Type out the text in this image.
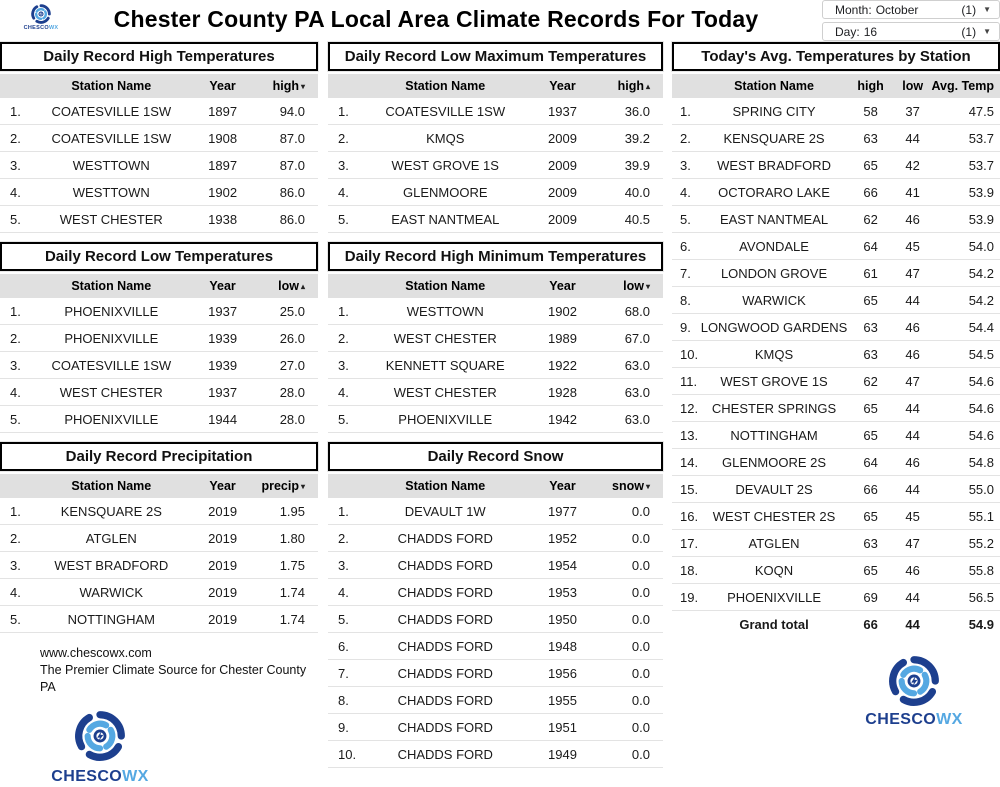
CHESCOWX	Chester County PA Local Area Climate Records For Today	Month: October	(1) ▼
Day: 16	(1) ▼
Daily Record High Temperatures
	Station Name	Year	high ▾
1.	COATESVILLE 1SW	1897	94.0
2.	COATESVILLE 1SW	1908	87.0
3.	WESTTOWN	1897	87.0
4.	WESTTOWN	1902	86.0
5.	WEST CHESTER	1938	86.0
Daily Record Low Temperatures
	Station Name	Year	low ▴
1.	PHOENIXVILLE	1937	25.0
2.	PHOENIXVILLE	1939	26.0
3.	COATESVILLE 1SW	1939	27.0
4.	WEST CHESTER	1937	28.0
5.	PHOENIXVILLE	1944	28.0
Daily Record Precipitation
	Station Name	Year	precip ▾
1.	KENSQUARE 2S	2019	1.95
2.	ATGLEN	2019	1.80
3.	WEST BRADFORD	2019	1.75
4.	WARWICK	2019	1.74
5.	NOTTINGHAM	2019	1.74
www.chescowx.com
The Premier Climate Source for Chester County PA
CHESCOWX
Daily Record Low Maximum Temperatures
	Station Name	Year	high ▴
1.	COATESVILLE 1SW	1937	36.0
2.	KMQS	2009	39.2
3.	WEST GROVE 1S	2009	39.9
4.	GLENMOORE	2009	40.0
5.	EAST NANTMEAL	2009	40.5
Daily Record High Minimum Temperatures
	Station Name	Year	low ▾
1.	WESTTOWN	1902	68.0
2.	WEST CHESTER	1989	67.0
3.	KENNETT SQUARE	1922	63.0
4.	WEST CHESTER	1928	63.0
5.	PHOENIXVILLE	1942	63.0
Daily Record Snow
	Station Name	Year	snow ▾
1.	DEVAULT 1W	1977	0.0
2.	CHADDS FORD	1952	0.0
3.	CHADDS FORD	1954	0.0
4.	CHADDS FORD	1953	0.0
5.	CHADDS FORD	1950	0.0
6.	CHADDS FORD	1948	0.0
7.	CHADDS FORD	1956	0.0
8.	CHADDS FORD	1955	0.0
9.	CHADDS FORD	1951	0.0
10.	CHADDS FORD	1949	0.0
Today's Avg. Temperatures by Station
	Station Name	high	low	Avg. Temp
1.	SPRING CITY	58	37	47.5
2.	KENSQUARE 2S	63	44	53.7
3.	WEST BRADFORD	65	42	53.7
4.	OCTORARO LAKE	66	41	53.9
5.	EAST NANTMEAL	62	46	53.9
6.	AVONDALE	64	45	54.0
7.	LONDON GROVE	61	47	54.2
8.	WARWICK	65	44	54.2
9.	LONGWOOD GARDENS	63	46	54.4
10.	KMQS	63	46	54.5
11.	WEST GROVE 1S	62	47	54.6
12.	CHESTER SPRINGS	65	44	54.6
13.	NOTTINGHAM	65	44	54.6
14.	GLENMOORE 2S	64	46	54.8
15.	DEVAULT 2S	66	44	55.0
16.	WEST CHESTER 2S	65	45	55.1
17.	ATGLEN	63	47	55.2
18.	KOQN	65	46	55.8
19.	PHOENIXVILLE	69	44	56.5
	Grand total	66	44	54.9
CHESCOWX
